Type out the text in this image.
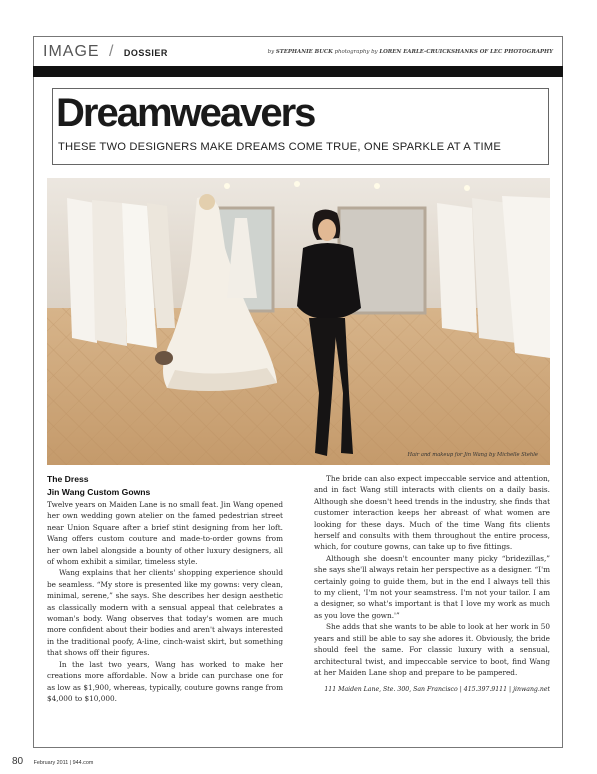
IMAGE / DOSSIER	by STEPHANIE BUCK photography by LOREN EARLE-CRUICKSHANKS OF LEC PHOTOGRAPHY
Dreamweavers
THESE TWO DESIGNERS MAKE DREAMS COME TRUE, ONE SPARKLE AT A TIME
Hair and makeup for Jin Wang by Michelle Stehle
The Dress
Jin Wang Custom Gowns

Twelve years on Maiden Lane is no small feat. Jin Wang opened her own wedding gown atelier on the famed pedestrian street near Union Square after a brief stint designing from her loft. Wang offers custom couture and made-to-order gowns from her own label alongside a bounty of other luxury designers, all of whom exhibit a similar, timeless style.

Wang explains that her clients' shopping experience should be seamless. “My store is presented like my gowns: very clean, minimal, serene,” she says. She describes her design aesthetic as classically modern with a sensual appeal that celebrates a woman's body. Wang observes that today's women are much more confident about their bodies and aren't always interested in the traditional poofy, A-line, cinch-waist skirt, but something that shows off their figures.

In the last two years, Wang has worked to make her creations more affordable. Now a bride can purchase one for as low as $1,900, whereas, typically, couture gowns range from $4,000 to $10,000.

The bride can also expect impeccable service and attention, and in fact Wang still interacts with clients on a daily basis. Although she doesn't heed trends in the industry, she finds that customer interaction keeps her abreast of what women are looking for these days. Much of the time Wang fits clients herself and consults with them throughout the entire process, which, for couture gowns, can take up to five fittings.

Although she doesn't encounter many picky “bridezillas,” she says she'll always retain her perspective as a designer. “I'm certainly going to guide them, but in the end I always tell this to my client, 'I'm not your seamstress. I'm not your tailor. I am a designer, so what's important is that I love my work as much as you love the gown.'”

She adds that she wants to be able to look at her work in 50 years and still be able to say she adores it. Obviously, the bride should feel the same. For classic luxury with a sensual, architectural twist, and impeccable service to boot, find Wang at her Maiden Lane shop and prepare to be pampered.

111 Maiden Lane, Ste. 300, San Francisco | 415.397.9111 | jinwang.net
80 February 2011 | 944.com
